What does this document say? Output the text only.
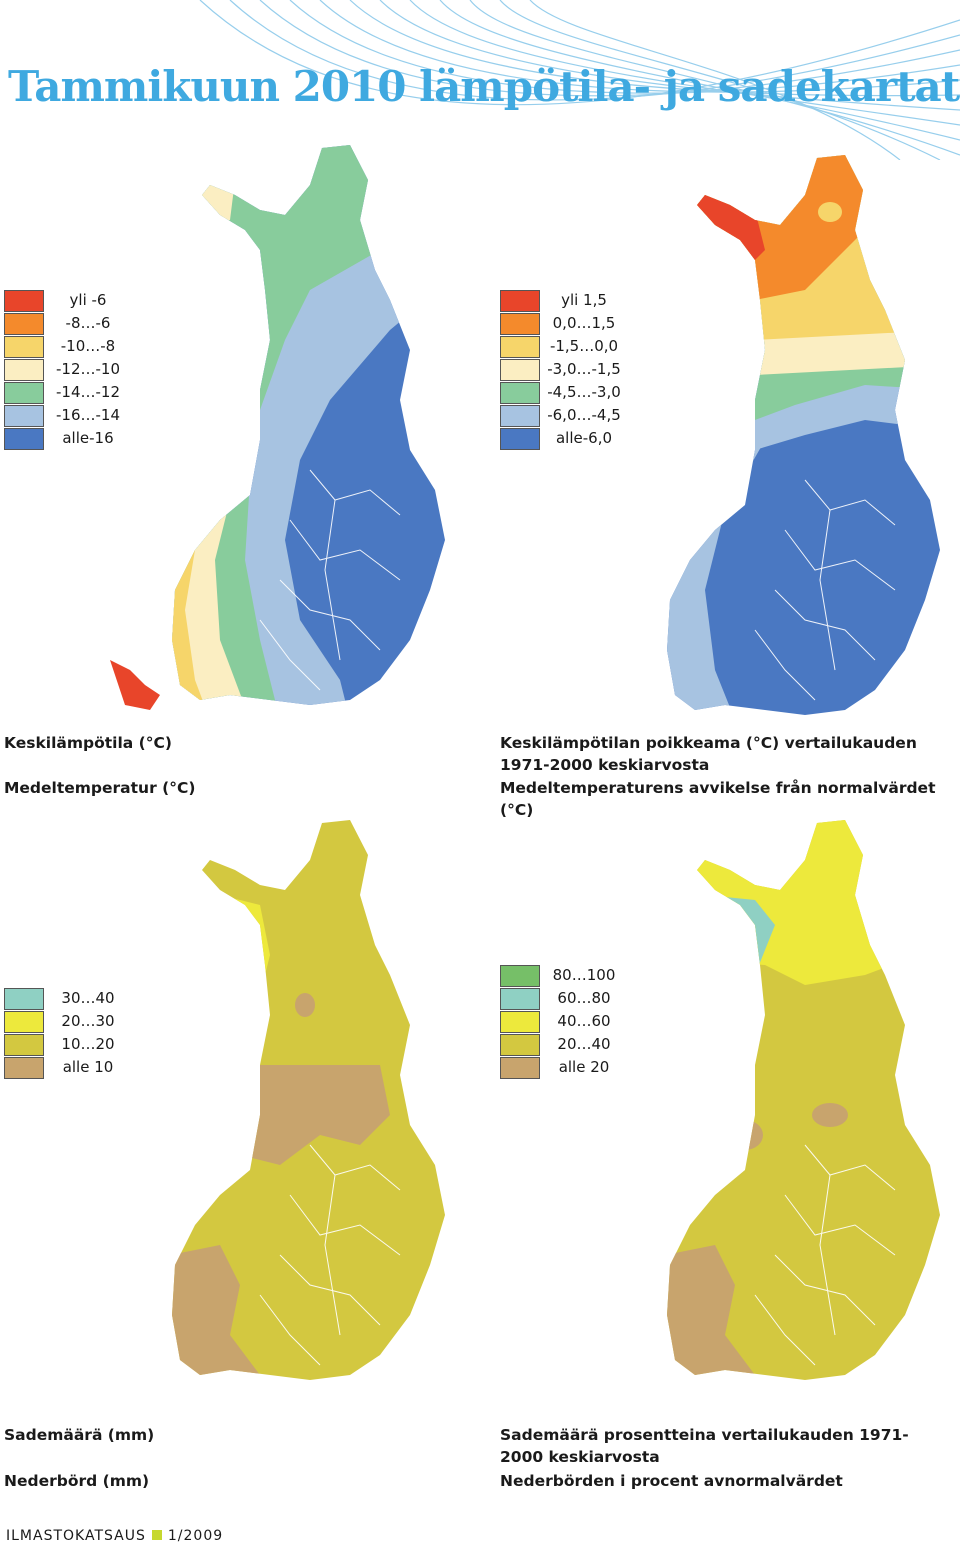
Tammikuun 2010 lämpötila- ja sadekartat
yli -6
-8…-6
-10…-8
-12…-10
-14…-12
-16…-14
alle-16
yli 1,5
0,0…1,5
-1,5…0,0
-3,0…-1,5
-4,5…-3,0
-6,0…-4,5
alle-6,0
30…40
20…30
10…20
alle 10
80…100
60…80
40…60
20…40
alle 20
Keskilämpötila (°C)
Medeltemperatur (°C)
Keskilämpötilan poikkeama (°C) vertailukauden 1971-2000 keskiarvosta
Medeltemperaturens avvikelse från normalvärdet (°C)
Sademäärä (mm)
Nederbörd (mm)
Sademäärä prosentteina vertailukauden 1971-2000 keskiarvosta
Nederbörden i procent avnormalvärdet
ILMASTOKATSAUS 1/2009
